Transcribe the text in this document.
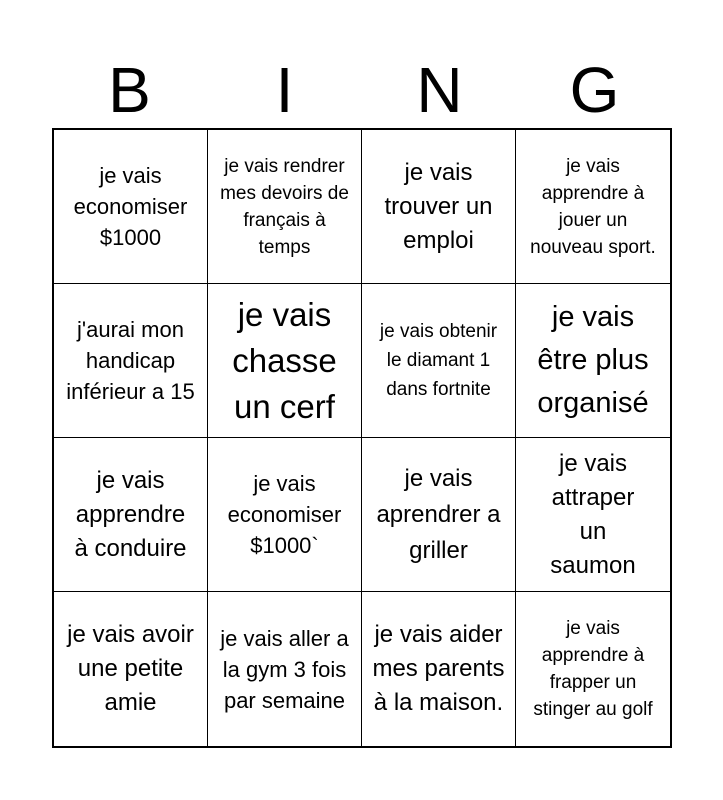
B	I	N	G
je vais economiser $1000
je vais rendrer mes devoirs de français à temps
je vais trouver un emploi
je vais apprendre à jouer un nouveau sport.
j'aurai mon handicap inférieur a 15
je vais chasse un cerf
je vais obtenir le diamant 1 dans fortnite
je vais être plus organisé
je vais apprendre à conduire
je vais economiser $1000`
je vais aprendrer a griller
je vais attraper un saumon
je vais avoir une petite amie
je vais aller a la gym 3 fois par semaine
je vais aider mes parents à la maison.
je vais apprendre à frapper un stinger au golf
